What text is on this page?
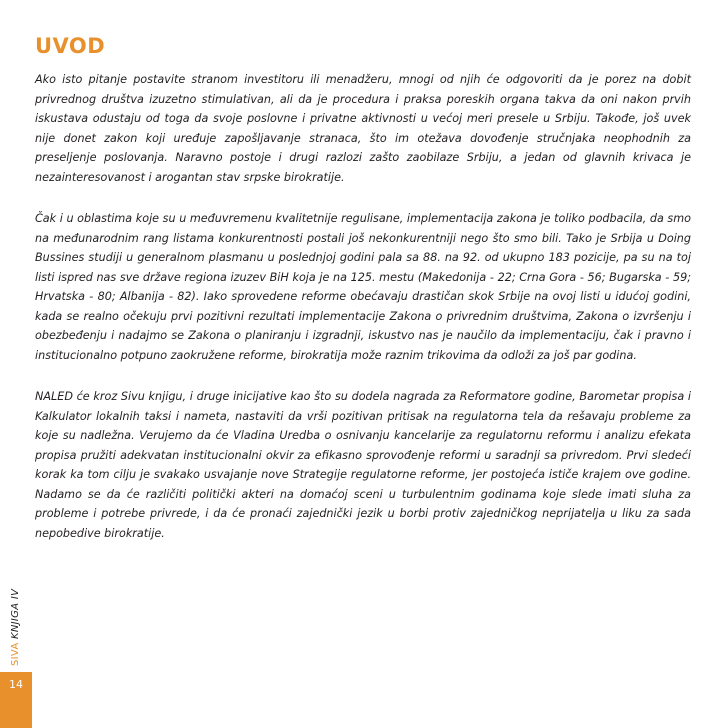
UVOD

Ako isto pitanje postavite stranom investitoru ili menadžeru, mnogi od njih će odgovoriti da je porez na dobit privrednog društva izuzetno stimulativan, ali da je procedura i praksa poreskih organa takva da oni nakon prvih iskustava odustaju od toga da svoje poslovne i privatne aktivnosti u većoj meri presele u Srbiju. Takođe, još uvek nije donet zakon koji uređuje zapošljavanje stranaca, što im otežava dovođenje stručnjaka neophodnih za preseljenje poslovanja. Naravno postoje i drugi razlozi zašto zaobilaze Srbiju, a jedan od glavnih krivaca je nezainteresovanost i arogantan stav srpske birokratije.

Čak i u oblastima koje su u međuvremenu kvalitetnije regulisane, implementacija zakona je toliko podbacila, da smo na međunarodnim rang listama konkurentnosti postali još nekonkurentniji nego što smo bili. Tako je Srbija u Doing Bussines studiji u generalnom plasmanu u poslednjoj godini pala sa 88. na 92. od ukupno 183 pozicije, pa su na toj listi ispred nas sve države regiona izuzev BiH koja je na 125. mestu (Makedonija - 22; Crna Gora - 56; Bugarska - 59; Hrvatska - 80; Albanija - 82). Iako sprovedene reforme obećavaju drastičan skok Srbije na ovoj listi u idućoj godini, kada se realno očekuju prvi pozitivni rezultati implementacije Zakona o privrednim društvima, Zakona o izvršenju i obezbeđenju i nadajmo se Zakona o planiranju i izgradnji, iskustvo nas je naučilo da implementaciju, čak i pravno i institucionalno potpuno zaokružene reforme, birokratija može raznim trikovima da odloži za još par godina.

NALED će kroz Sivu knjigu, i druge inicijative kao što su dodela nagrada za Reformatore godine, Barometar propisa i Kalkulator lokalnih taksi i nameta, nastaviti da vrši pozitivan pritisak na regulatorna tela da rešavaju probleme za koje su nadležna. Verujemo da će Vladina Uredba o osnivanju kancelarije za regulatornu reformu i analizu efekata propisa pružiti adekvatan institucionalni okvir za efikasno sprovođenje reformi u saradnji sa privredom. Prvi sledeći korak ka tom cilju je svakako usvajanje nove Strategije regulatorne reforme, jer postojeća ističe krajem ove godine. Nadamo se da će različiti politički akteri na domaćoj sceni u turbulentnim godinama koje slede imati sluha za probleme i potrebe privrede, i da će pronaći zajednički jezik u borbi protiv zajedničkog neprijatelja u liku za sada nepobedive birokratije.

SIVA KNJIGA IV
14
